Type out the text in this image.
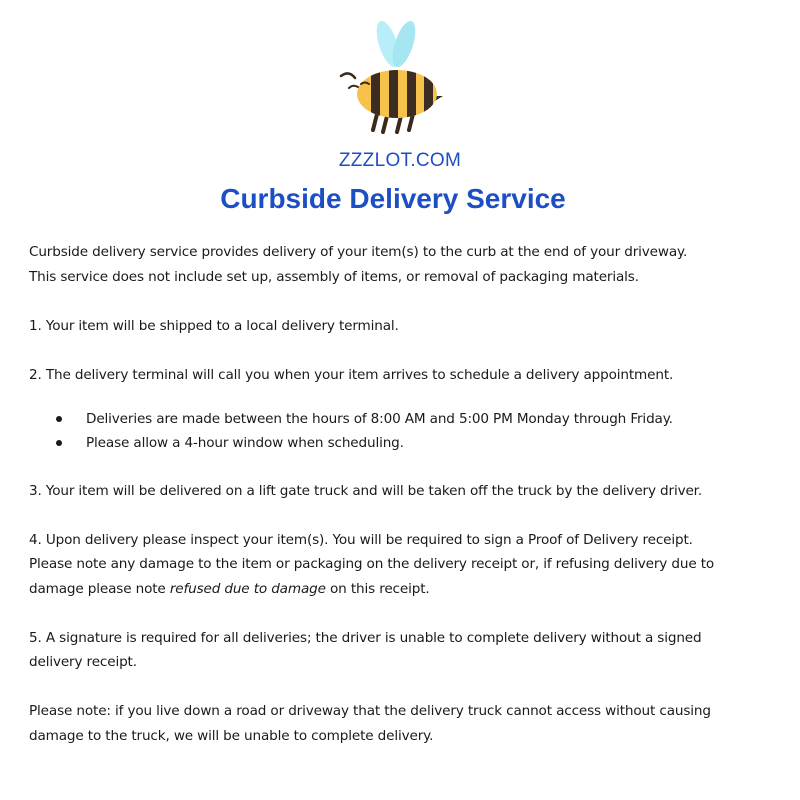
ZZZLOT.COM
Curbside Delivery Service

Curbside delivery service provides delivery of your item(s) to the curb at the end of your driveway.
This service does not include set up, assembly of items, or removal of packaging materials.

1. Your item will be shipped to a local delivery terminal.

2. The delivery terminal will call you when your item arrives to schedule a delivery appointment.

Deliveries are made between the hours of 8:00 AM and 5:00 PM Monday through Friday.
Please allow a 4-hour window when scheduling.

3. Your item will be delivered on a lift gate truck and will be taken off the truck by the delivery driver.

4. Upon delivery please inspect your item(s). You will be required to sign a Proof of Delivery receipt.
Please note any damage to the item or packaging on the delivery receipt or, if refusing delivery due to
damage please note refused due to damage on this receipt.

5. A signature is required for all deliveries; the driver is unable to complete delivery without a signed
delivery receipt.

Please note: if you live down a road or driveway that the delivery truck cannot access without causing
damage to the truck, we will be unable to complete delivery.
